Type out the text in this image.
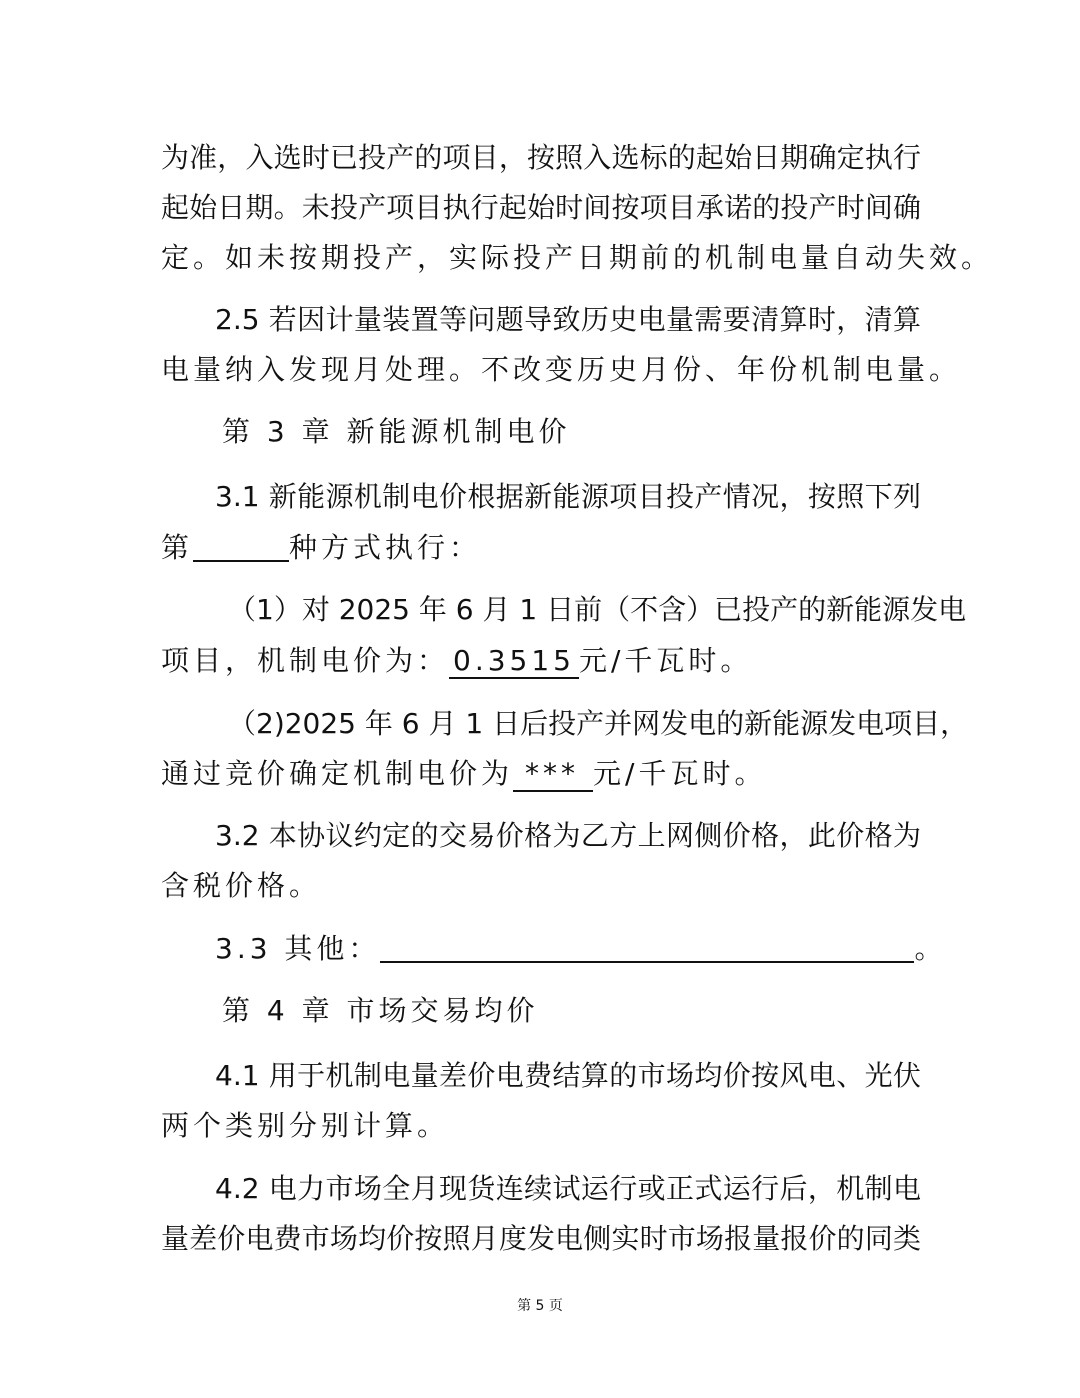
为准，入选时已投产的项目，按照入选标的起始日期确定执行
起始日期。未投产项目执行起始时间按项目承诺的投产时间确
定。如未按期投产，实际投产日期前的机制电量自动失效。
2.5 若因计量装置等问题导致历史电量需要清算时，清算
电量纳入发现月处理。不改变历史月份、年份机制电量。
第 3 章 新能源机制电价
3.1 新能源机制电价根据新能源项目投产情况，按照下列
第	种方式执行：
（1）对 2025 年 6 月 1 日前（不含）已投产的新能源发电
项目，机制电价为： 0.3515 元/千瓦时。
（2)2025 年 6 月 1 日后投产并网发电的新能源发电项目，
通过竞价确定机制电价为 *** 元/千瓦时。
3.2 本协议约定的交易价格为乙方上网侧价格，此价格为
含税价格。
3.3 其他：	。
第 4 章 市场交易均价
4.1 用于机制电量差价电费结算的市场均价按风电、光伏
两个类别分别计算。
4.2 电力市场全月现货连续试运行或正式运行后，机制电
量差价电费市场均价按照月度发电侧实时市场报量报价的同类
第 5 页
